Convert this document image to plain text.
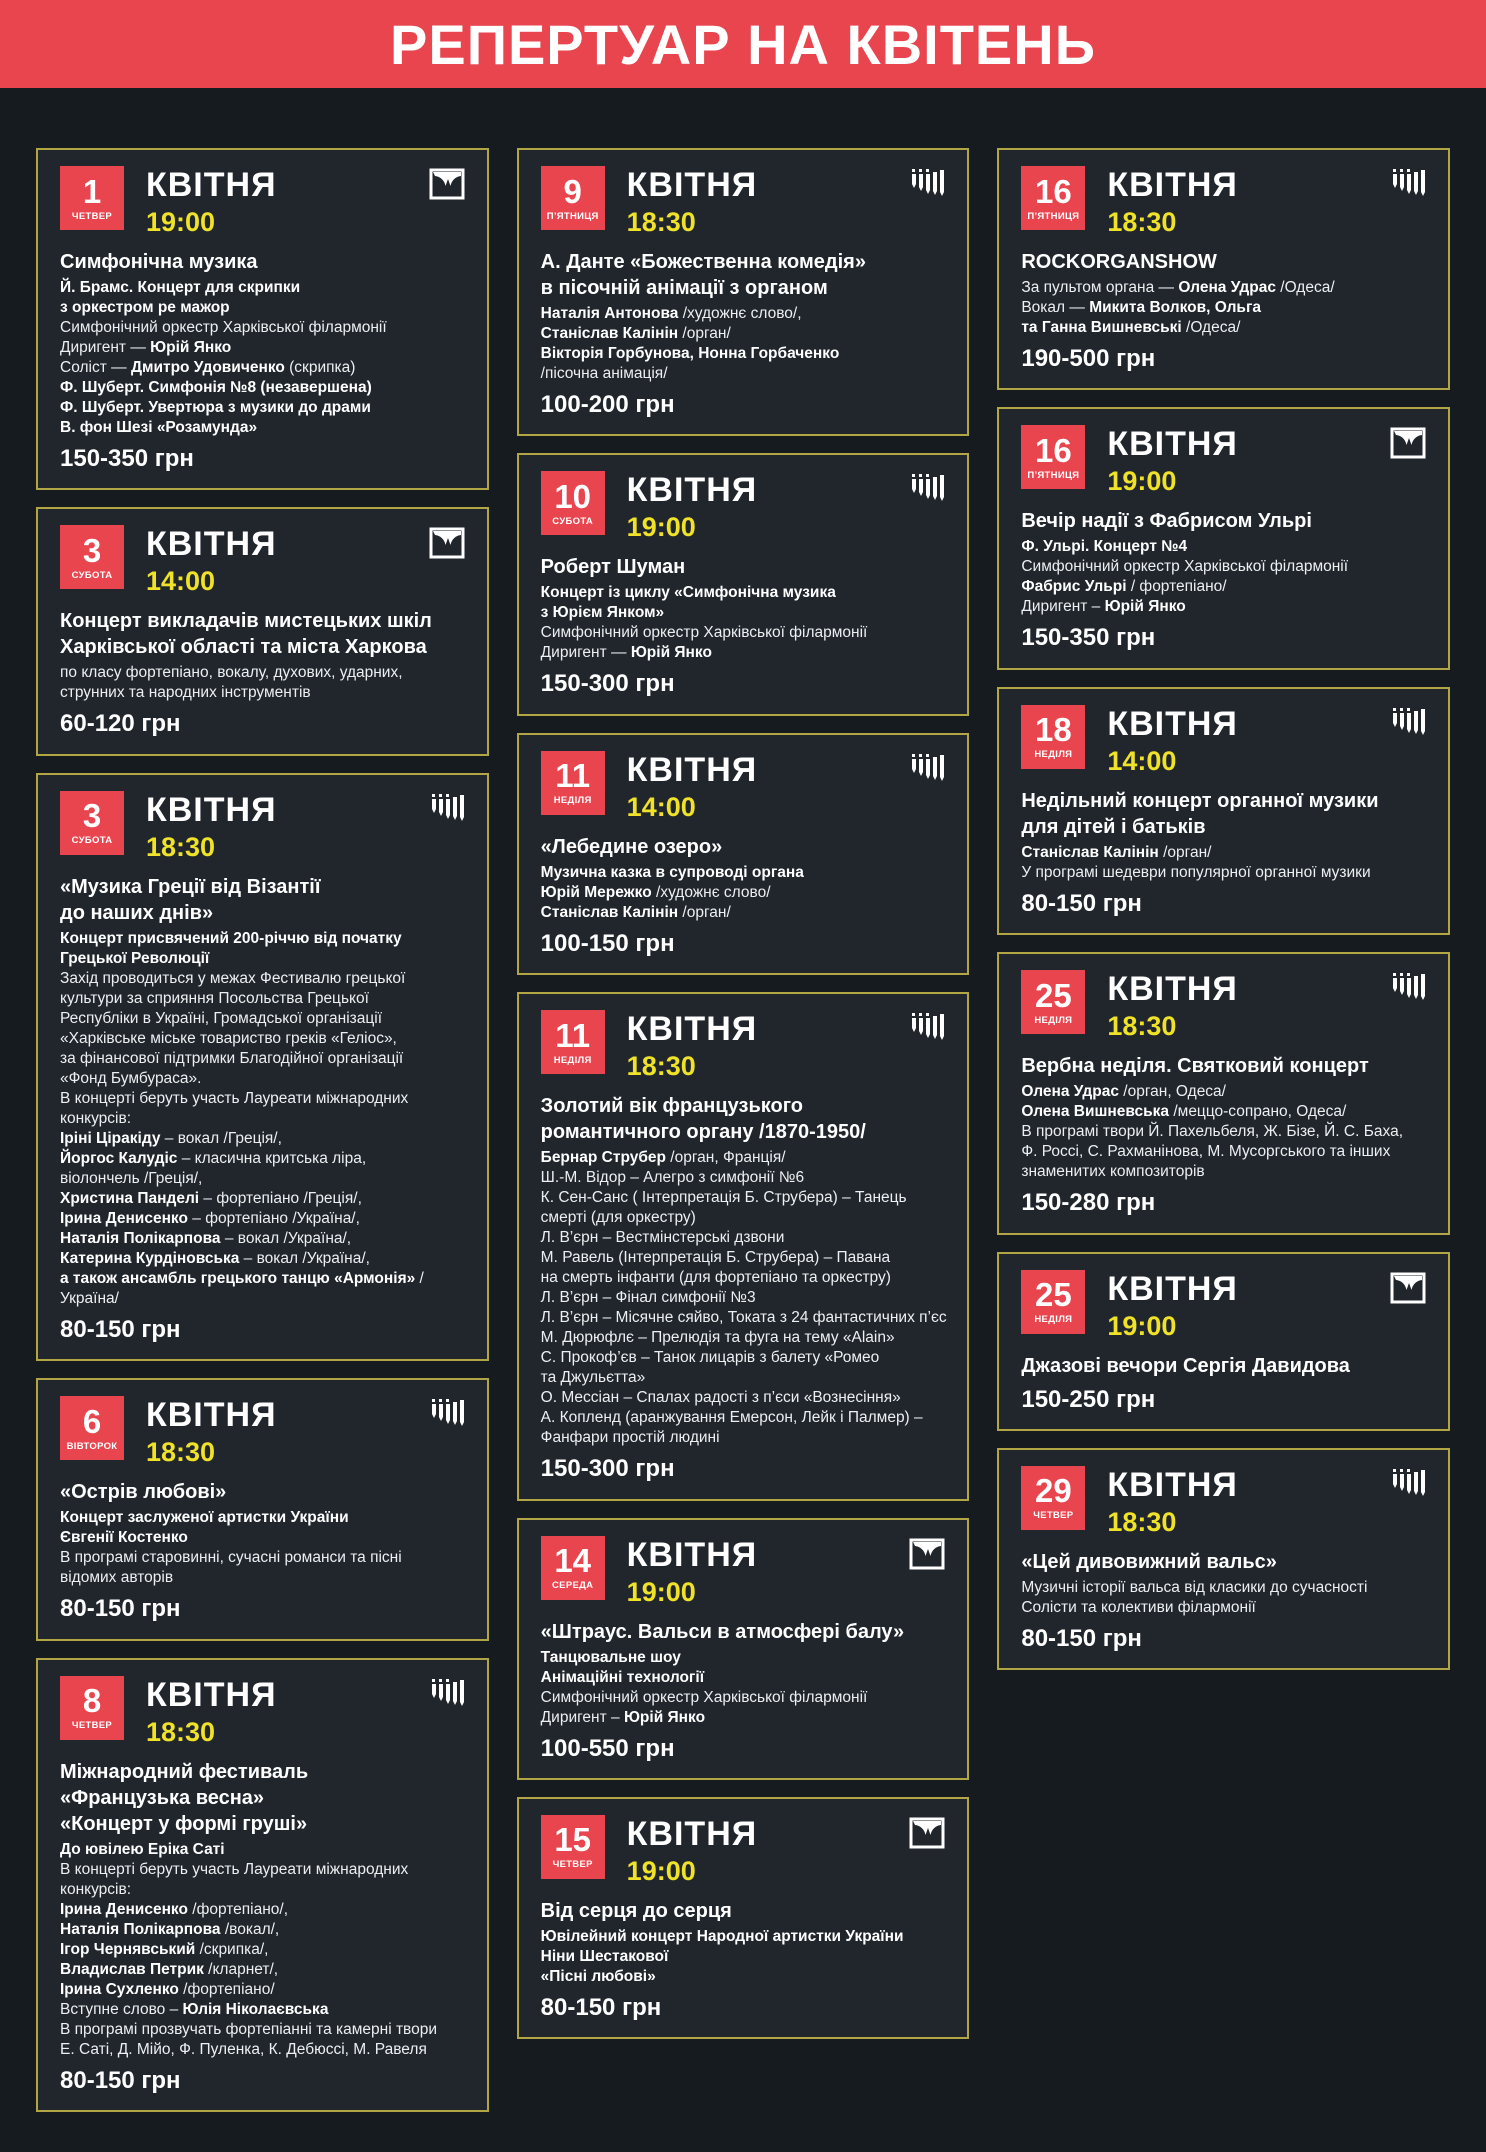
РЕПЕРТУАР НА КВІТЕНЬ
1
ЧЕТВЕР
КВІТНЯ
19:00
Симфонічна музика
Й. Брамс. Концерт для скрипки
з оркестром ре мажор
Симфонічний оркестр Харківської філармонії
Диригент — Юрій Янко
Соліст — Дмитро Удовиченко (скрипка)
Ф. Шуберт. Симфонія №8 (незавершена)
Ф. Шуберт. Увертюра з музики до драми
В. фон Шезі «Розамунда»
150-350 грн
3
СУБОТА
КВІТНЯ
14:00
Концерт викладачів мистецьких шкіл
Харківської області та міста Харкова
по класу фортепіано, вокалу, духових, ударних,
струнних та народних інструментів
60-120 грн
3
СУБОТА
КВІТНЯ
18:30
«Музика Греції від Візантії
до наших днів»
Концерт присвячений 200-річчю від початку
Грецької Революції
Захід проводиться у межах Фестивалю грецької
культури за сприяння Посольства Грецької
Республіки в Україні, Громадської організації
«Харківське міське товариство греків «Геліос»,
за фінансової підтримки Благодійної організації
«Фонд Бумбураса».
В концерті беруть участь Лауреати міжнародних
конкурсів:
Іріні Ціракіду – вокал /Греція/,
Йоргос Калудіс – класична критська ліра,
віолончель /Греція/,
Христина Панделі – фортепіано /Греція/,
Ірина Денисенко – фортепіано /Україна/,
Наталія Полікарпова – вокал /Україна/,
Катерина Курдіновська – вокал /Україна/,
а також ансамбль грецького танцю «Армонія» /Україна/
80-150 грн
6
ВІВТОРОК
КВІТНЯ
18:30
«Острів любові»
Концерт заслуженої артистки України
Євгенії Костенко
В програмі старовинні, сучасні романси та пісні
відомих авторів
80-150 грн
8
ЧЕТВЕР
КВІТНЯ
18:30
Міжнародний фестиваль
«Французька весна»
«Концерт у формі груші»
До ювілею Еріка Саті
В концерті беруть участь Лауреати міжнародних
конкурсів:
Ірина Денисенко /фортепіано/,
Наталія Полікарпова /вокал/,
Ігор Чернявський /скрипка/,
Владислав Петрик /кларнет/,
Ірина Сухленко /фортепіано/
Вступне слово – Юлія Ніколаєвська
В програмі прозвучать фортепіанні та камерні твори
Е. Саті, Д. Мійо, Ф. Пуленка, К. Дебюссі, М. Равеля
80-150 грн
9
П’ЯТНИЦЯ
КВІТНЯ
18:30
А. Данте «Божественна комедія»
в пісочній анімації з органом
Наталія Антонова /художнє слово/,
Станіслав Калінін /орган/
Вікторія Горбунова, Нонна Горбаченко
/пісочна анімація/
100-200 грн
10
СУБОТА
КВІТНЯ
19:00
Роберт Шуман
Концерт із циклу «Симфонічна музика
з Юрієм Янком»
Симфонічний оркестр Харківської філармонії
Диригент — Юрій Янко
150-300 грн
11
НЕДІЛЯ
КВІТНЯ
14:00
«Лебедине озеро»
Музична казка в супроводі органа
Юрій Мережко /художнє слово/
Станіслав Калінін /орган/
100-150 грн
11
НЕДІЛЯ
КВІТНЯ
18:30
Золотий вік французького
романтичного органу /1870-1950/
Бернар Струбер /орган, Франція/
Ш.-М. Відор – Алегро з симфонії №6
К. Сен-Санс ( Інтерпретація Б. Струбера) – Танець
смерті (для оркестру)
Л. В’єрн – Вестмінстерські дзвони
М. Равель (Інтерпретація Б. Струбера) – Павана
на смерть інфанти (для фортепіано та оркестру)
Л. В’єрн – Фінал симфонії №3
Л. В’єрн – Місячне сяйво, Токата з 24 фантастичних п’єс
М. Дюрюфлє – Прелюдія та фуга на тему «Alain»
С. Прокоф’єв – Танок лицарів з балету «Ромео
та Джульєтта»
О. Мессіан – Спалах радості з п’єси «Вознесіння»
А. Копленд (аранжування Емерсон, Лейк і Палмер) –
Фанфари простій людині
150-300 грн
14
СЕРЕДА
КВІТНЯ
19:00
«Штраус. Вальси в атмосфері балу»
Танцювальне шоу
Анімаційні технології
Симфонічний оркестр Харківської філармонії
Диригент – Юрій Янко
100-550 грн
15
ЧЕТВЕР
КВІТНЯ
19:00
Від серця до серця
Ювілейний концерт Народної артистки України
Ніни Шестакової
«Пісні любові»
80-150 грн
16
П’ЯТНИЦЯ
КВІТНЯ
18:30
ROCKORGANSHOW
За пультом органа — Олена Удрас /Одеса/
Вокал — Микита Волков, Ольга
та Ганна Вишневські /Одеса/
190-500 грн
16
П’ЯТНИЦЯ
КВІТНЯ
19:00
Вечір надії з Фабрисом Ульрі
Ф. Ульрі. Концерт №4
Симфонічний оркестр Харківської філармонії
Фабрис Ульрі / фортепіано/
Диригент – Юрій Янко
150-350 грн
18
НЕДІЛЯ
КВІТНЯ
14:00
Недільний концерт органної музики
для дітей і батьків
Станіслав Калінін /орган/
У програмі шедеври популярної органної музики
80-150 грн
25
НЕДІЛЯ
КВІТНЯ
18:30
Вербна неділя. Святковий концерт
Олена Удрас /орган, Одеса/
Олена Вишневська /меццо-сопрано, Одеса/
В програмі твори Й. Пахельбеля, Ж. Бізе, Й. С. Баха,
Ф. Россі, С. Рахманінова, М. Мусоргського та інших
знаменитих композиторів
150-280 грн
25
НЕДІЛЯ
КВІТНЯ
19:00
Джазові вечори Сергія Давидова
150-250 грн
29
ЧЕТВЕР
КВІТНЯ
18:30
«Цей дивовижний вальс»
Музичні історії вальса від класики до сучасності
Солісти та колективи філармонії
80-150 грн
